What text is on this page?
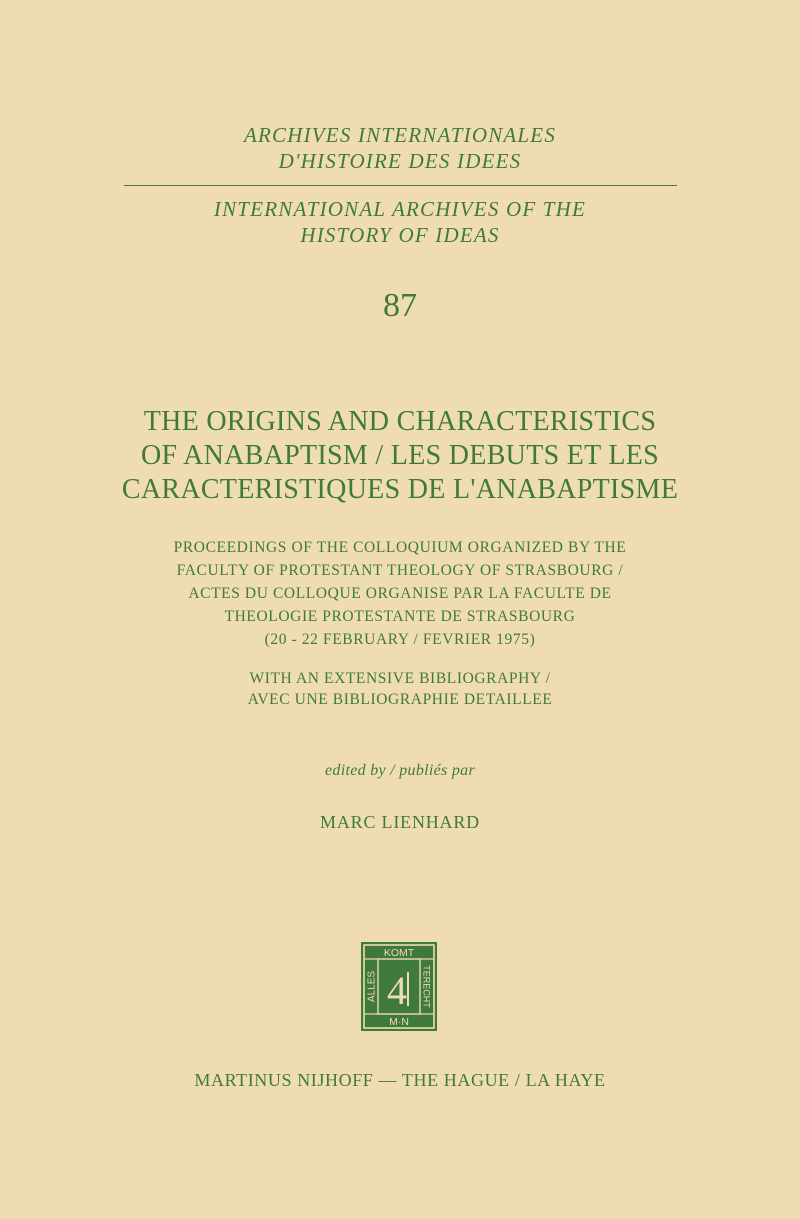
ARCHIVES INTERNATIONALES
D'HISTOIRE DES IDEES
INTERNATIONAL ARCHIVES OF THE
HISTORY OF IDEAS
87
THE ORIGINS AND CHARACTERISTICS
OF ANABAPTISM / LES DEBUTS ET LES
CARACTERISTIQUES DE L'ANABAPTISME
PROCEEDINGS OF THE COLLOQUIUM ORGANIZED BY THE
FACULTY OF PROTESTANT THEOLOGY OF STRASBOURG /
ACTES DU COLLOQUE ORGANISE PAR LA FACULTE DE
THEOLOGIE PROTESTANTE DE STRASBOURG
(20 - 22 FEBRUARY / FEVRIER 1975)
WITH AN EXTENSIVE BIBLIOGRAPHY /
AVEC UNE BIBLIOGRAPHIE DETAILLEE
edited by / publiés par
MARC LIENHARD
KOMT
ALLES	TERECHT
M·N
4
MARTINUS NIJHOFF — THE HAGUE / LA HAYE
